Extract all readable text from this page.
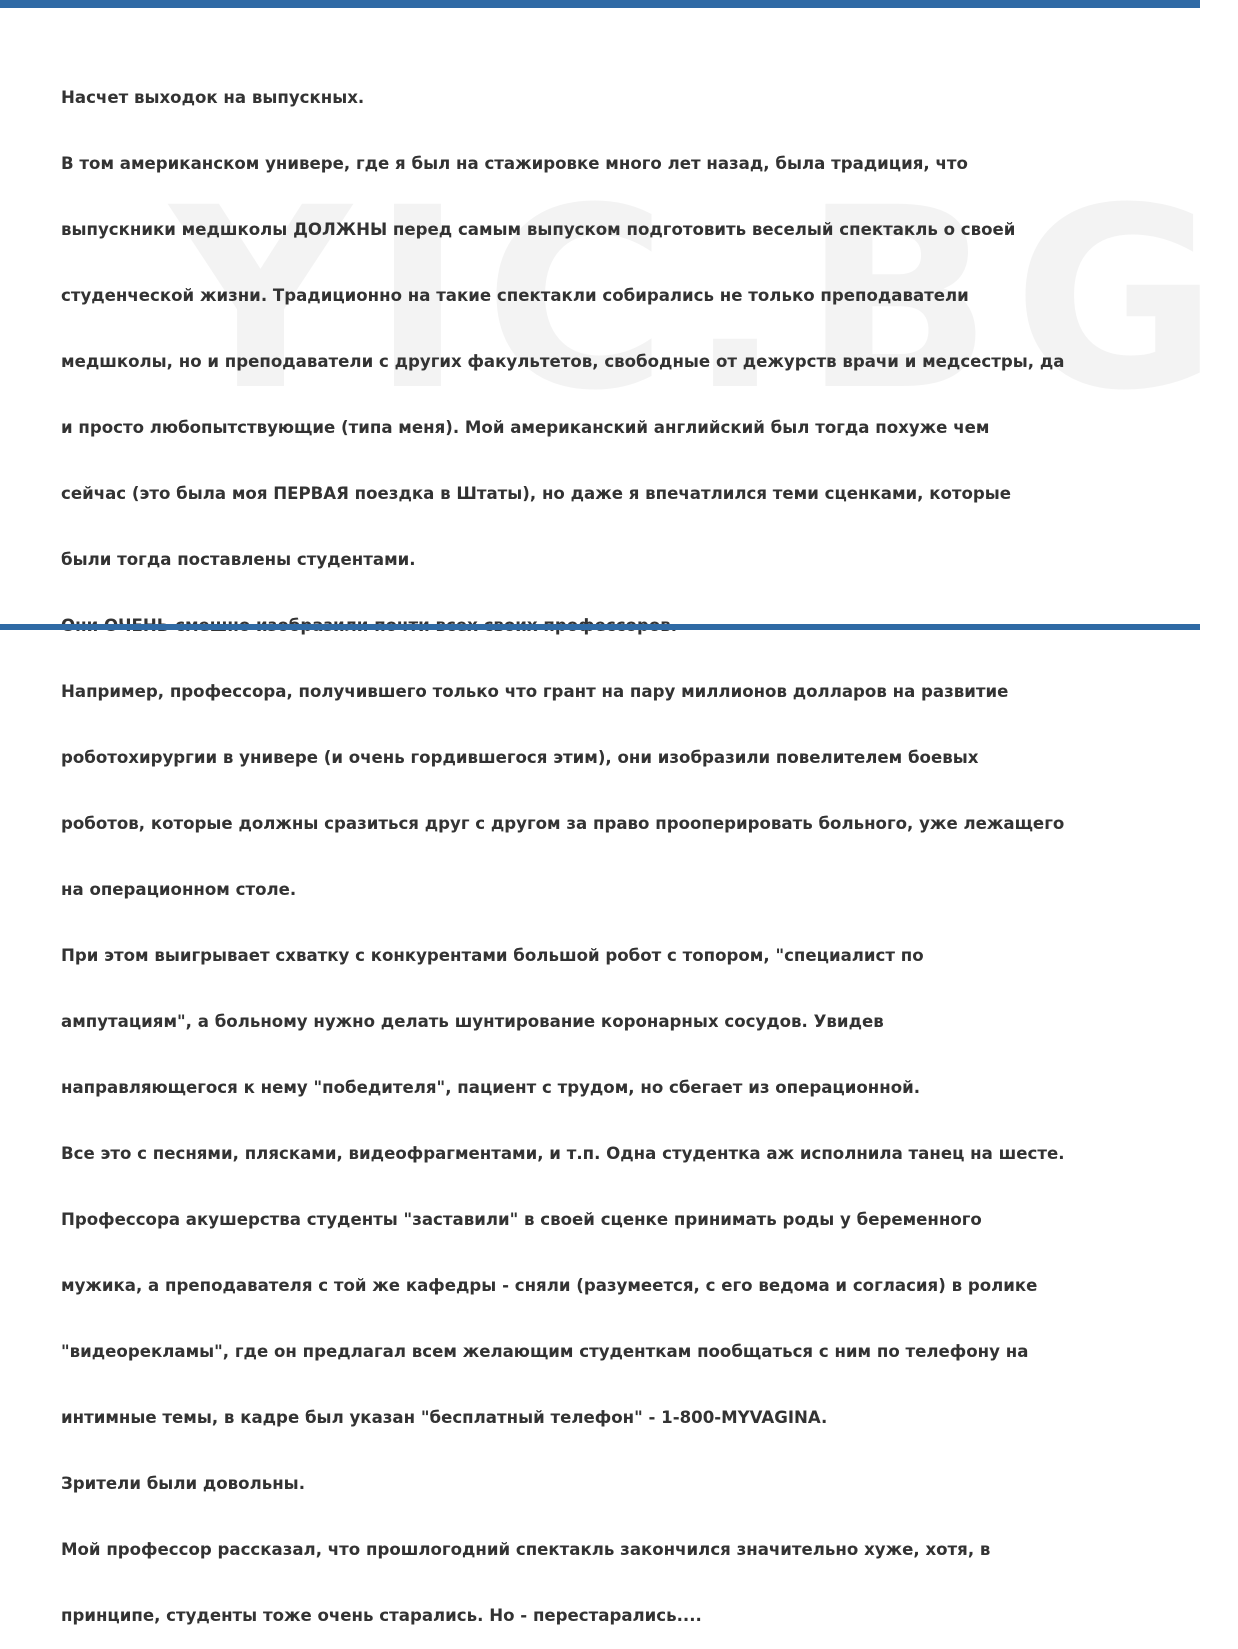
Насчет выходок на выпускных.

В том американском универе, где я был на стажировке много лет назад, была традиция, что

выпускники медшколы ДОЛЖНЫ перед самым выпуском подготовить веселый спектакль о своей

студенческой жизни. Традиционно на такие спектакли собирались не только преподаватели

медшколы, но и преподаватели с других факультетов, свободные от дежурств врачи и медсестры, да

и просто любопытствующие (типа меня). Мой американский английский был тогда похуже чем

сейчас (это была моя ПЕРВАЯ поездка в Штаты), но даже я впечатлился теми сценками, которые

были тогда поставлены студентами.

Например, профессора, получившего только что грант на пару миллионов долларов на развитие

роботохирургии в универе (и очень гордившегося этим), они изобразили повелителем боевых

роботов, которые должны сразиться друг с другом за право прооперировать больного, уже лежащего

на операционном столе.

При этом выигрывает схватку с конкурентами большой робот с топором, "специалист по

ампутациям", а больному нужно делать шунтирование коронарных сосудов. Увидев

направляющегося к нему "победителя", пациент с трудом, но сбегает из операционной.

Все это с песнями, плясками, видеофрагментами, и т.п. Одна студентка аж исполнила танец на шесте.

Профессора акушерства студенты "заставили" в своей сценке принимать роды у беременного

мужика, а преподавателя с той же кафедры - сняли (разумеется, с его ведома и согласия) в ролике

"видеорекламы", где он предлагал всем желающим студенткам пообщаться с ним по телефону на

интимные темы, в кадре был указан "бесплатный телефон" - 1-800-MYVAGINA.

Зрители были довольны.

Мой профессор рассказал, что прошлогодний спектакль закончился значительно хуже, хотя, в

принципе, студенты тоже очень старались. Но - перестарались....
